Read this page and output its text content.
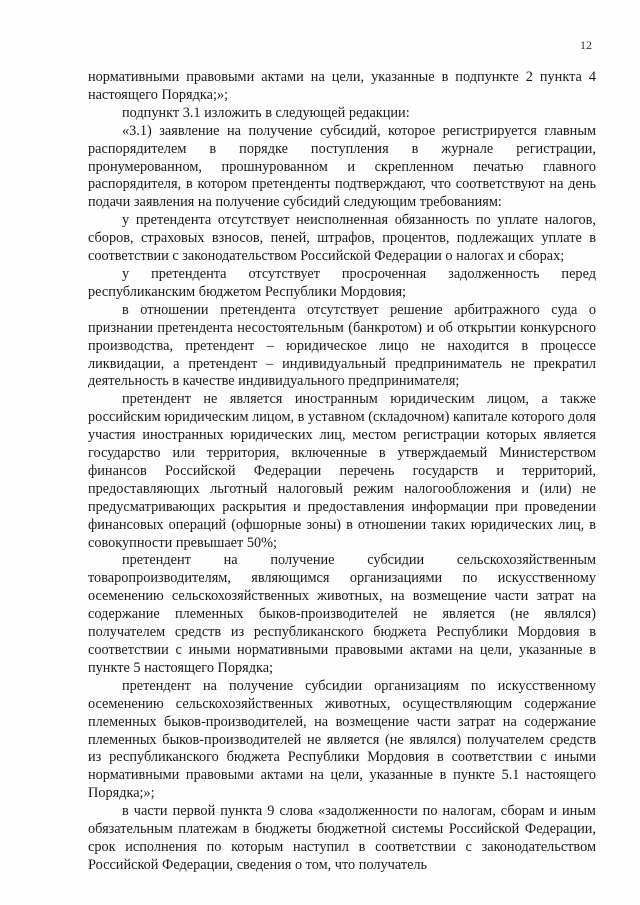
12

нормативными правовыми актами на цели, указанные в подпункте 2 пункта 4 настоящего Порядка;»;

подпункт 3.1 изложить в следующей редакции:

«3.1) заявление на получение субсидий, которое регистрируется главным распорядителем в порядке поступления в журнале регистрации, пронумерованном, прошнурованном и скрепленном печатью главного распорядителя, в котором претенденты подтверждают, что соответствуют на день подачи заявления на получение субсидий следующим требованиям:

у претендента отсутствует неисполненная обязанность по уплате налогов, сборов, страховых взносов, пеней, штрафов, процентов, подлежащих уплате в соответствии с законодательством Российской Федерации о налогах и сборах;

у претендента отсутствует просроченная задолженность перед республиканским бюджетом Республики Мордовия;

в отношении претендента отсутствует решение арбитражного суда о признании претендента несостоятельным (банкротом) и об открытии конкурсного производства, претендент – юридическое лицо не находится в процессе ликвидации, а претендент – индивидуальный предприниматель не прекратил деятельность в качестве индивидуального предпринимателя;

претендент не является иностранным юридическим лицом, а также российским юридическим лицом, в уставном (складочном) капитале которого доля участия иностранных юридических лиц, местом регистрации которых является государство или территория, включенные в утверждаемый Министерством финансов Российской Федерации перечень государств и территорий, предоставляющих льготный налоговый режим налогообложения и (или) не предусматривающих раскрытия и предоставления информации при проведении финансовых операций (офшорные зоны) в отношении таких юридических лиц, в совокупности превышает 50%;

претендент на получение субсидии сельскохозяйственным товаропроизводителям, являющимся организациями по искусственному осеменению сельскохозяйственных животных, на возмещение части затрат на содержание племенных быков-производителей не является (не являлся) получателем средств из республиканского бюджета Республики Мордовия в соответствии с иными нормативными правовыми актами на цели, указанные в пункте 5 настоящего Порядка;

претендент на получение субсидии организациям по искусственному осеменению сельскохозяйственных животных, осуществляющим содержание племенных быков-производителей, на возмещение части затрат на содержание племенных быков-производителей не является (не являлся) получателем средств из республиканского бюджета Республики Мордовия в соответствии с иными нормативными правовыми актами на цели, указанные в пункте 5.1 настоящего Порядка;»;

в части первой пункта 9 слова «задолженности по налогам, сборам и иным обязательным платежам в бюджеты бюджетной системы Российской Федерации, срок исполнения по которым наступил в соответствии с законодательством Российской Федерации, сведения о том, что получатель
